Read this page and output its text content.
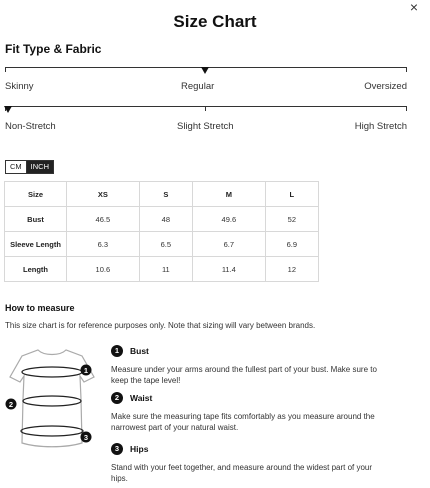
×
Size Chart
Fit Type & Fabric
Skinny	Regular	Oversized
Non-Stretch	Slight Stretch	High Stretch
CM	INCH
Size	XS	S	M	L
Bust	46.5	48	49.6	52
Sleeve Length	6.3	6.5	6.7	6.9
Length	10.6	11	11.4	12
How to measure
This size chart is for reference purposes only. Note that sizing will vary between brands.
1
2
3
1	Bust
Measure under your arms around the fullest part of your bust. Make sure to keep the tape level!
2	Waist
Make sure the measuring tape fits comfortably as you measure around the narrowest part of your natural waist.
3	Hips
Stand with your feet together, and measure around the widest part of your hips.
